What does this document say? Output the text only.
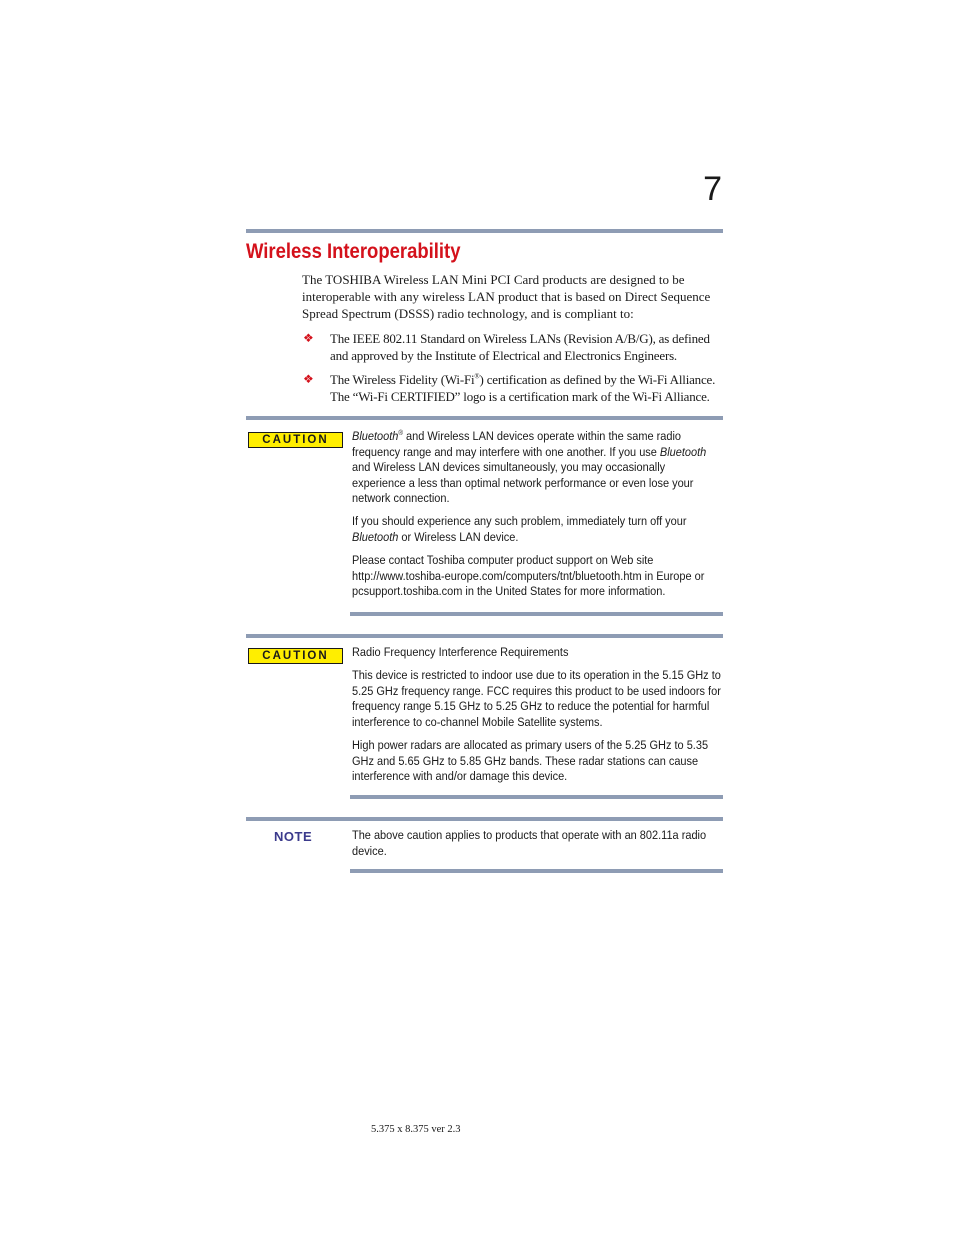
7
Wireless Interoperability
The TOSHIBA Wireless LAN Mini PCI Card products are designed to be interoperable with any wireless LAN product that is based on Direct Sequence Spread Spectrum (DSSS) radio technology, and is compliant to:
❖ The IEEE 802.11 Standard on Wireless LANs (Revision A/B/G), as defined and approved by the Institute of Electrical and Electronics Engineers.
❖ The Wireless Fidelity (Wi-Fi®) certification as defined by the Wi-Fi Alliance. The “Wi-Fi CERTIFIED” logo is a certification mark of the Wi-Fi Alliance.
CAUTION	Bluetooth® and Wireless LAN devices operate within the same radio frequency range and may interfere with one another. If you use Bluetooth and Wireless LAN devices simultaneously, you may occasionally experience a less than optimal network performance or even lose your network connection.

If you should experience any such problem, immediately turn off your Bluetooth or Wireless LAN device.

Please contact Toshiba computer product support on Web site http://www.toshiba-europe.com/computers/tnt/bluetooth.htm in Europe or pcsupport.toshiba.com in the United States for more information.

CAUTION	Radio Frequency Interference Requirements

This device is restricted to indoor use due to its operation in the 5.15 GHz to 5.25 GHz frequency range. FCC requires this product to be used indoors for frequency range 5.15 GHz to 5.25 GHz to reduce the potential for harmful interference to co-channel Mobile Satellite systems.

High power radars are allocated as primary users of the 5.25 GHz to 5.35 GHz and 5.65 GHz to 5.85 GHz bands. These radar stations can cause interference with and/or damage this device.

NOTE	The above caution applies to products that operate with an 802.11a radio device.

5.375 x 8.375 ver 2.3
